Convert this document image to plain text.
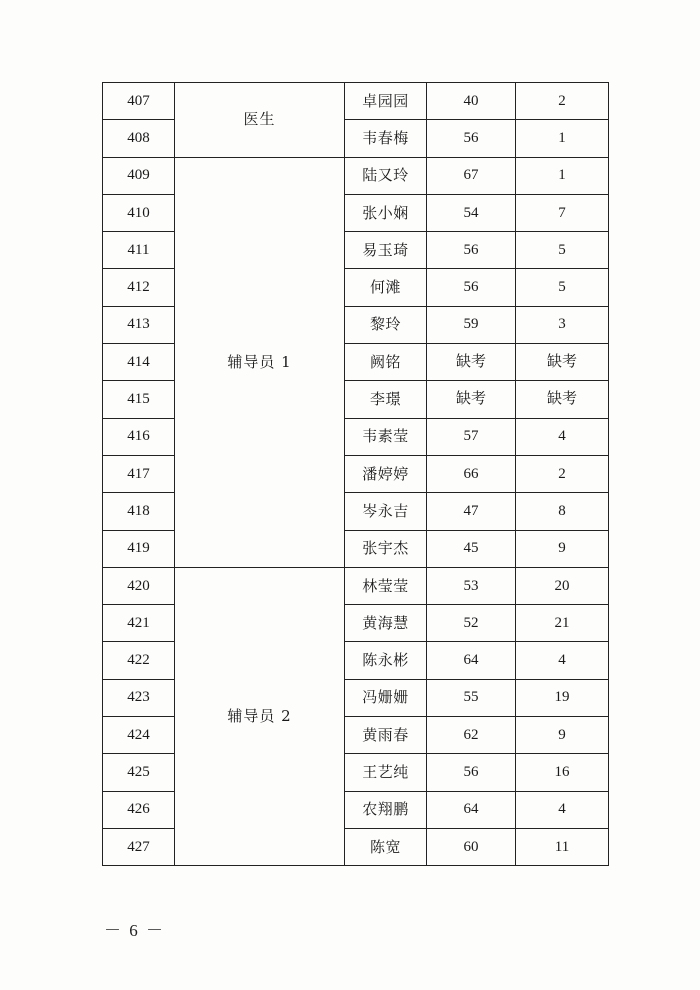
407	医生	卓园园	40	2
408		韦春梅	56	1
409	辅导员 1	陆又玲	67	1
410		张小娴	54	7
411		易玉琦	56	5
412		何滩	56	5
413		黎玲	59	3
414		阙铭	缺考	缺考
415		李璟	缺考	缺考
416		韦素莹	57	4
417		潘婷婷	66	2
418		岑永吉	47	8
419		张宇杰	45	9
420	辅导员 2	林莹莹	53	20
421		黄海慧	52	21
422		陈永彬	64	4
423		冯姗姗	55	19
424		黄雨春	62	9
425		王艺纯	56	16
426		农翔鹏	64	4
427		陈宽	60	11
－ 6 －
